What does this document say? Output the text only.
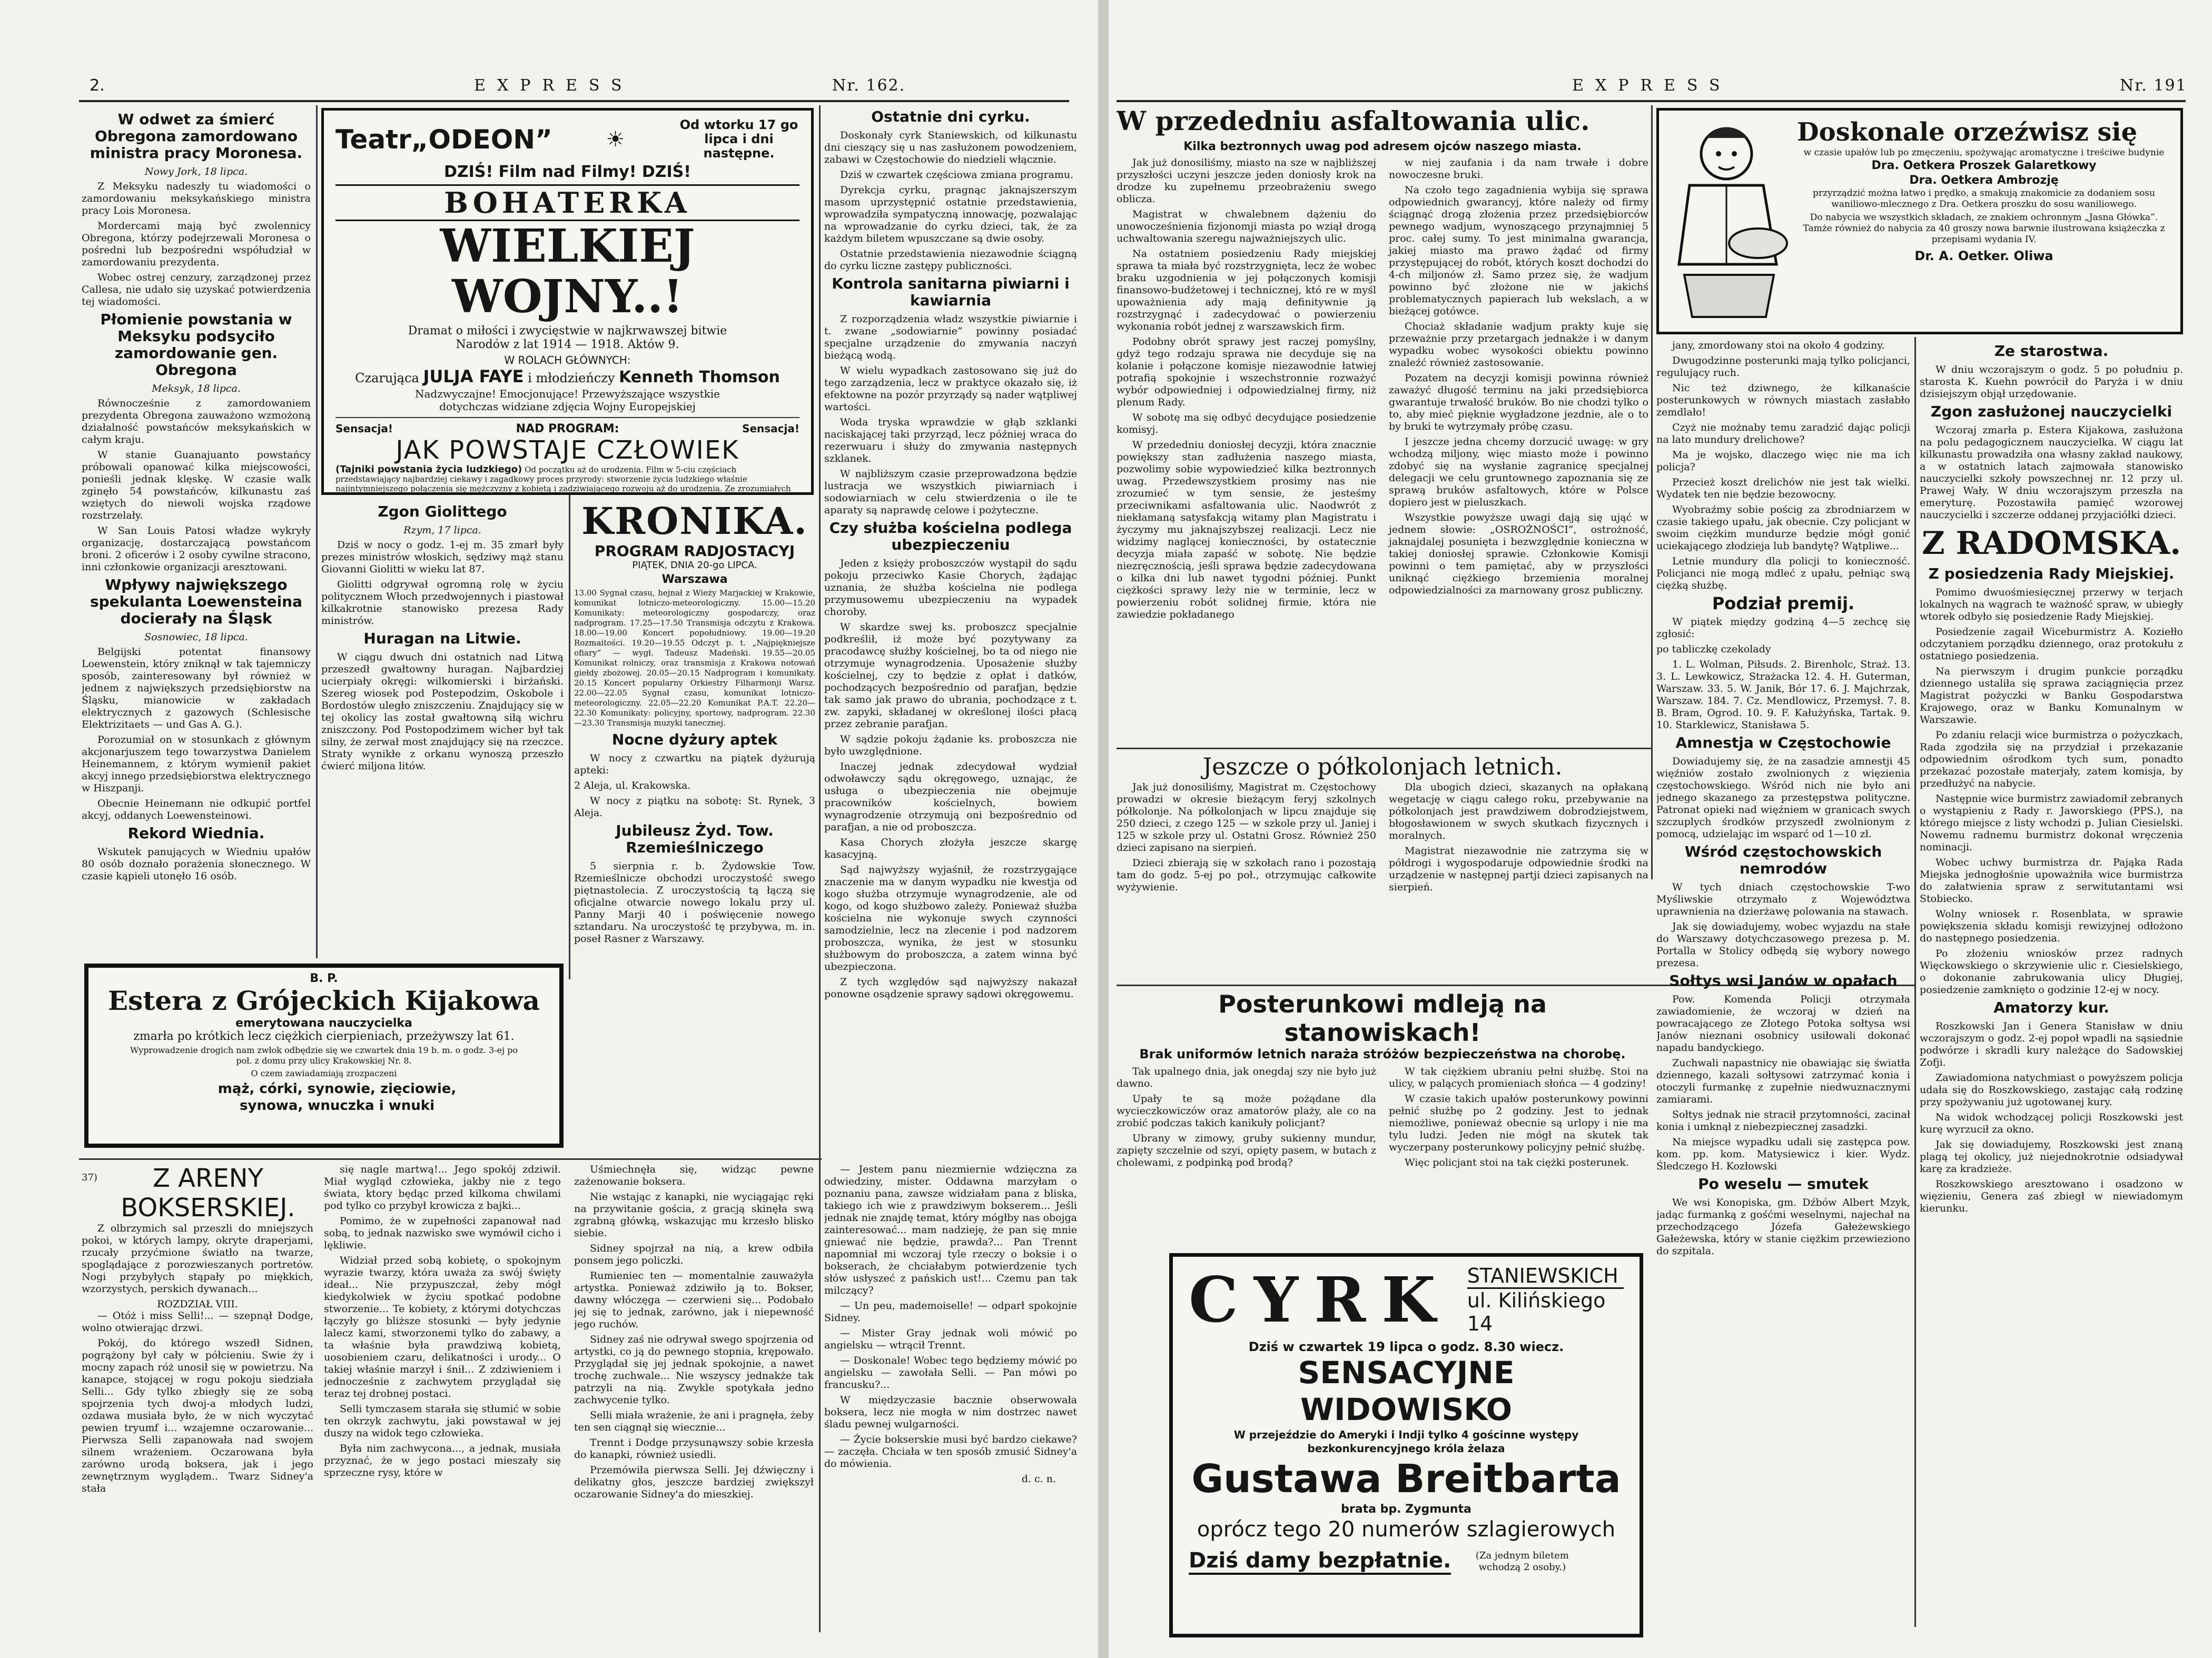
2.	EXPRESS	Nr. 162.
W odwet za śmierć Obregona zamordowano ministra pracy Moronesa.
Nowy Jork, 18 lipca.

Z Meksyku nadeszły tu wiadomości o zamordowaniu meksykańskiego ministra pracy Lois Moronesa.

Mordercami mają być zwolennicy Obregona, którzy podejrzewali Moronesa o pośredni lub bezpośredni współudział w zamordowaniu prezydenta.

Wobec ostrej cenzury, zarządzonej przez Callesa, nie udało się uzyskać potwierdzenia tej wiadomości.

Płomienie powstania w Meksyku podsyciło zamordowanie gen. Obregona
Meksyk, 18 lipca.

Równocześnie z zamordowaniem prezydenta Obregona zauważono wzmożoną działalność powstańców meksykańskich w całym kraju.

W stanie Guanajuanto powstańcy próbowali opanować kilka miejscowości, ponieśli jednak klęskę. W czasie walk zginęło 54 powstańców, kilkunastu zaś wziętych do niewoli wojska rządowe rozstrzelały.

W San Louis Patosi władze wykryły organizację, dostarczającą powstańcom broni. 2 oficerów i 2 osoby cywilne stracono, inni członkowie organizacji aresztowani.

Wpływy największego spekulanta Loewensteina docierały na Śląsk
Sosnowiec, 18 lipca.

Belgijski potentat finansowy Loewenstein, który zniknął w tak tajemniczy sposób, zainteresowany był również w jednem z największych przedsiębiorstw na Śląsku, mianowicie w zakładach elektrycznych z gazowych (Schlesische Elektrizitaets — und Gas A. G.).

Porozumiał on w stosunkach z głównym akcjonarjuszem tego towarzystwa Danielem Heinemannem, z którym wymienił pakiet akcyj innego przedsiębiorstwa elektrycznego w Hiszpanji.

Obecnie Heinemann nie odkupić portfel akcyj, oddanych Loewensteinowi.

Rekord Wiednia.

Wskutek panujących w Wiedniu upałów 80 osób doznało porażenia słonecznego. W czasie kąpieli utonęło 16 osób.

Teatr„ODEON”	☀
Od wtorku 17 go lipca i dni następne.
DZIŚ! Film nad Filmy! DZIŚ!
BOHATERKA
WIELKIEJ WOJNY..!
Dramat o miłości i zwycięstwie w najkrwawszej bitwie Narodów z lat 1914 — 1918. Aktów 9.
W ROLACH GŁÓWNYCH:
Czarująca JULJA FAYE i młodzieńczy Kenneth Thomson
Nadzwyczajne! Emocjonujące! Przewyższające wszystkie dotychczas widziane zdjęcia Wojny Europejskiej
Sensacja!	NAD PROGRAM:	Sensacja!
JAK POWSTAJE CZŁOWIEK
(Tajniki powstania życia ludzkiego) Od początku aż do urodzenia. Film w 5-ciu częściach przedstawiający najbardziej ciekawy i zagadkowy proces przyrody: stworzenie życia ludzkiego właśnie najintymniejszego połączenia się mężczyzny z kobietą i zadziwiającego rozwoju aż do urodzenia. Ze zrozumiałych
Ostatnie dni cyrku.

Doskonały cyrk Staniewskich, od kilkunastu dni cieszący się u nas zasłużonem powodzeniem, zabawi w Częstochowie do niedzieli włącznie.

Dziś w czwartek częściowa zmiana programu.

Dyrekcja cyrku, pragnąc jaknajszerszym masom uprzystępnić ostatnie przedstawienia, wprowadziła sympatyczną innowację, pozwalając na wprowadzanie do cyrku dzieci, tak, że za każdym biletem wpuszczane są dwie osoby.

Ostatnie przedstawienia niezawodnie ściągną do cyrku liczne zastępy publiczności.

Kontrola sanitarna piwiarni i kawiarnia

Z rozporządzenia władz wszystkie piwiarnie i t. zwane „sodowiarnie” powinny posiadać specjalne urządzenie do zmywania naczyń bieżącą wodą.

W wielu wypadkach zastosowano się już do tego zarządzenia, lecz w praktyce okazało się, iż efektowne na pozór przyrządy są nader wątpliwej wartości.

Woda tryska wprawdzie w głąb szklanki naciskającej taki przyrząd, lecz później wraca do rezerwuaru i służy do zmywania następnych szklanek.

W najbliższym czasie przeprowadzona będzie lustracja we wszystkich piwiarniach i sodowiarniach w celu stwierdzenia o ile te aparaty są naprawdę celowe i pożyteczne.

Czy służba kościelna podlega ubezpieczeniu

Jeden z księży proboszczów wystąpił do sądu pokoju przeciwko Kasie Chorych, żądając uznania, że służba kościelna nie podlega przymusowemu ubezpieczeniu na wypadek choroby.

W skardze swej ks. proboszcz specjalnie podkreślił, iż może być pozytywany za pracodawcę służby kościelnej, bo ta od niego nie otrzymuje wynagrodzenia. Uposażenie służby kościelnej, czy to będzie z opłat i datków, pochodzących bezpośrednio od parafjan, będzie tak samo jak prawo do ubrania, pochodzące z t. zw. zapyki, składanej w określonej ilości płacą przez zebranie parafjan.

W sądzie pokoju żądanie ks. proboszcza nie było uwzględnione.

Inaczej jednak zdecydował wydział odwoławczy sądu okręgowego, uznając, że usługa o ubezpieczenia nie obejmuje pracowników kościelnych, bowiem wynagrodzenie otrzymują oni bezpośrednio od parafjan, a nie od proboszcza.

Kasa Chorych złożyła jeszcze skargę kasacyjną.

Sąd najwyższy wyjaśnił, że rozstrzygające znaczenie ma w danym wypadku nie kwestja od kogo służba otrzymuje wynagrodzenie, ale od kogo, od kogo służbowo zależy. Ponieważ służba kościelna nie wykonuje swych czynności samodzielnie, lecz na zlecenie i pod nadzorem proboszcza, wynika, że jest w stosunku służbowym do proboszcza, a zatem winna być ubezpieczona.

Z tych względów sąd najwyższy nakazał ponowne osądzenie sprawy sądowi okręgowemu.

Zgon Giolittego
Rzym, 17 lipca.

Dziś w nocy o godz. 1-ej m. 35 zmarł były prezes ministrów włoskich, sędziwy mąż stanu Giovanni Giolitti w wieku lat 87.

Giolitti odgrywał ogromną rolę w życiu politycznem Włoch przedwojennych i piastował kilkakrotnie stanowisko prezesa Rady ministrów.

Huragan na Litwie.

W ciągu dwuch dni ostatnich nad Litwą przeszedł gwałtowny huragan. Najbardziej ucierpiały okręgi: wilkomierski i birżański. Szereg wiosek pod Postepodzim, Oskobole i Bordostów uległo zniszczeniu. Znajdujący się w tej okolicy las został gwałtowną siłą wichru zniszczony. Pod Postopodzimem wicher był tak silny, że zerwał most znajdujący się na rzeczce. Straty wynikłe z orkanu wynoszą przeszło ćwierć miljona litów.

KRONIKA.
PROGRAM RADJOSTACYJ
PIĄTEK, DNIA 20-go LIPCA.
Warszawa

13.00 Sygnał czasu, hejnał z Wieży Marjackiej w Krakowie, komunikat lotniczo-meteorologiczny. 15.00—15.20 Komunikaty: meteorologiczny gospodarczy, oraz nadprogram. 17.25—17.50 Transmisja odczytu z Krakowa. 18.00—19.00 Koncert popołudniowy. 19.00—19.20 Rozmaitości. 19.20—19.55 Odczyt p. t. „Najpiękniejsze ofiary” — wygł. Tadeusz Madeński. 19.55—20.05 Komunikat rolniczy, oraz transmisja z Krakowa notowań giełdy zbożowej. 20.05—20.15 Nadprogram i komunikaty. 20.15 Koncert popularny Orkiestry Filharmonji Warsz. 22.00—22.05 Sygnał czasu, komunikat lotniczo-meteorologiczny. 22.05—22.20 Komunikat P.A.T. 22.20—22.30 Komunikaty: policyjny, sportowy, nadprogram. 22.30—23.30 Transmisja muzyki tanecznej.

Nocne dyżury aptek

W nocy z czwartku na piątek dyżurują apteki:

2 Aleja, ul. Krakowska.

W nocy z piątku na sobotę: St. Rynek, 3 Aleja.

Jubileusz Żyd. Tow. Rzemieślniczego

5 sierpnia r. b. Żydowskie Tow. Rzemieślnicze obchodzi uroczystość swego piętnastolecia. Z uroczystością tą łączą się oficjalne otwarcie nowego lokalu przy ul. Panny Marji 40 i poświęcenie nowego sztandaru. Na uroczystość tę przybywa, m. in. poseł Rasner z Warszawy.

B. P.
Estera z Grójeckich Kijakowa
emerytowana nauczycielka
zmarła po krótkich lecz ciężkich cierpieniach, przeżywszy lat 61.
Wyprowadzenie drogich nam zwłok odbędzie się we czwartek dnia 19 b. m. o godz. 3-ej po poł. z domu przy ulicy Krakowskiej Nr. 8.
O czem zawiadamiają zrozpaczeni
mąż, córki, synowie, zięciowie, synowa, wnuczka i wnuki
37)	Z ARENY
BOKSERSKIEJ.

Z olbrzymich sal przeszli do mniejszych pokoi, w których lampy, okryte draperjami, rzucały przyćmione światło na twarze, spoglądające z porozwieszanych portretów. Nogi przybyłych stąpały po miękkich, wzorzystych, perskich dywanach...

ROZDZIAŁ VIII.

— Otóż i miss Selli!... — szepnął Dodge, wolno otwierając drzwi.

Pokój, do którego wszedł Sidnen, pogrążony był cały w półcieniu. Swie ży i mocny zapach róż unosił się w powietrzu. Na kanapce, stojącej w rogu pokoju siedziała Selli... Gdy tylko zbiegły się ze sobą spojrzenia tych dwoj-a młodych ludzi, ozdawa musiała było, że w nich wyczytać pewien tryumf i... wzajemne oczarowanie... Pierwsza Selli zapanowała nad swojem silnem wrażeniem. Oczarowana była zarówno urodą boksera, jak i jego zewnętrznym wyglądem.. Twarz Sidney'a stała

się nagle martwą!... Jego spokój zdziwił. Miał wygląd człowieka, jakby nie z tego świata, ktory będąc przed kilkoma chwilami pod tylko co przybył krowicza z bajki...

Pomimo, że w zupełności zapanował nad sobą, to jednak nazwisko swe wymówił cicho i lękliwie.

Widział przed sobą kobietę, o spokojnym wyrazie twarzy, która uważa za swój święty ideał... Nie przypuszczał, żeby mógł kiedykolwiek w życiu spotkać podobne stworzenie... Te kobiety, z którymi dotychczas łączyły go bliższe stosunki — były jedynie lalecz kami, stworzonemi tylko do zabawy, a ta właśnie była prawdziwą kobietą, uosobieniem czaru, delikatności i urody... O takiej właśnie marzył i śnił... Z zdziwieniem i jednocześnie z zachwytem przyglądał się teraz tej drobnej postaci.

Selli tymczasem starała się stłumić w sobie ten okrzyk zachwytu, jaki powstawał w jej duszy na widok tego człowieka.

Była nim zachwycona..., a jednak, musiała przyznać, że w jego postaci mieszały się sprzeczne rysy, które w

Uśmiechnęła się, widząc pewne zażenowanie boksera.

Nie wstając z kanapki, nie wyciągając ręki na przywitanie gościa, z gracją skinęła swą zgrabną główką, wskazując mu krzesło blisko siebie.

Sidney spojrzał na nią, a krew odbiła ponsem jego policzki.

Rumieniec ten — momentalnie zauważyła artystka. Ponieważ zdziwiło ją to. Bokser, dawny włóczęga — czerwieni się... Podobało jej się to jednak, zarówno, jak i niepewność jego ruchów.

Sidney zaś nie odrywał swego spojrzenia od artystki, co ją do pewnego stopnia, krępowało. Przyglądał się jej jednak spokojnie, a nawet trochę zuchwale... Nie wszyscy jednakże tak patrzyli na nią. Zwykle spotykała jedno zachwycenie tylko.

Selli miała wrażenie, że ani i pragnęła, żeby ten sen ciągnął się wiecznie...

Trennt i Dodge przysunąwszy sobie krzesła do kanapki, również usiedli.

Przemówiła pierwsza Selli. Jej dźwięczny i delikatny głos, jeszcze bardziej zwiększył oczarowanie Sidney'a do mieszkiej.

— Jestem panu niezmiernie wdzięczna za odwiedziny, mister. Oddawna marzyłam o poznaniu pana, zawsze widziałam pana z bliska, takiego ich wie z prawdziwym bokserem... Jeśli jednak nie znajdę temat, który mógłby nas obojga zainteresować... mam nadzieję, że pan się mnie gniewać nie będzie, prawda?... Pan Trennt napomniał mi wczoraj tyle rzeczy o boksie i o bokserach, że chciałabym potwierdzenie tych słów usłyszeć z pańskich ust!... Czemu pan tak milczący?

— Un peu, mademoiselle! — odparł spokojnie Sidney.

— Mister Gray jednak woli mówić po angielsku — wtrącił Trennt.

— Doskonale! Wobec tego będziemy mówić po angielsku — zawołała Selli. — Pan mówi po francusku?...

W międzyczasie bacznie obserwowała boksera, lecz nie mogła w nim dostrzec nawet śladu pewnej wulgarności.

— Życie bokserskie musi być bardzo ciekawe? — zaczęła. Chciała w ten sposób zmusić Sidney'a do mówienia.

d. c. n.
EXPRESS	Nr. 191
W przededniu asfaltowania ulic.
Kilka beztronnych uwag pod adresem ojców naszego miasta.

Jak już donosiliśmy, miasto na sze w najbliższej przyszłości uczyni jeszcze jeden doniosły krok na drodze ku zupełnemu przeobrażeniu swego oblicza.

Magistrat w chwalebnem dążeniu do unowocześnienia fizjonomji miasta po wziął drogą uchwaltowania szeregu najważniejszych ulic.

Na ostatniem posiedzeniu Rady miejskiej sprawa ta miała być rozstrzygnięta, lecz że wobec braku uzgodnienia w jej połączonych komisji finansowo-budżetowej i technicznej, któ re w myśl upoważnienia ady mają definitywnie ją rozstrzygnąć i zadecydować o powierzeniu wykonania robót jednej z warszawskich firm.

Podobny obrót sprawy jest raczej pomyślny, gdyż tego rodzaju sprawa nie decyduje się na kolanie i połączone komisje niezawodnie łatwiej potrafią spokojnie i wszechstronnie rozważyć wybór odpowiedniej i odpowiedzialnej firmy, niż plenum Rady.

W sobotę ma się odbyć decydujące posiedzenie komisyj.

W przededniu doniosłej decyzji, która znacznie powiększy stan zadłużenia naszego miasta, pozwolimy sobie wypowiedzieć kilka beztronnych uwag. Przedewszystkiem prosimy nas nie zrozumieć w tym sensie, że jesteśmy przeciwnikami asfaltowania ulic. Naodwrót z niekłamaną satysfakcją witamy plan Magistratu i życzymy mu jaknajszybszej realizacji. Lecz nie widzimy naglącej konieczności, by ostatecznie decyzja miała zapaść w sobotę. Nie będzie niezręcznością, jeśli sprawa będzie zadecydowana o kilka dni lub nawet tygodni później. Punkt ciężkości sprawy leży nie w terminie, lecz w powierzeniu robót solidnej firmie, która nie zawiedzie pokładanego

w niej zaufania i da nam trwałe i dobre nowoczesne bruki.

Na czoło tego zagadnienia wybija się sprawa odpowiednich gwarancyj, które należy od firmy ściągnąć drogą złożenia przez przedsiębiorców pewnego wadjum, wynoszącego przynajmniej 5 proc. całej sumy. To jest minimalna gwarancja, jakiej miasto ma prawo żądać od firmy przystępującej do robót, których koszt dochodzi do 4-ch miljonów zł. Samo przez się, że wadjum powinno być złożone nie w jakichś problematycznych papierach lub wekslach, a w bieżącej gotówce.

Chociaż składanie wadjum prakty kuje się przeważnie przy przetargach jednakże i w danym wypadku wobec wysokości obiektu powinno znaleźć również zastosowanie.

Pozatem na decyzji komisji powinna również zaważyć długość terminu na jaki przedsiębiorca gwarantuje trwałość bruków. Bo nie chodzi tylko o to, aby mieć pięknie wygładzone jezdnie, ale o to by bruki te wytrzymały próbę czasu.

I jeszcze jedna chcemy dorzucić uwagę: w gry wchodzą miljony, więc miasto może i powinno zdobyć się na wysłanie zagranicę specjalnej delegacji we celu gruntownego zapoznania się ze sprawą bruków asfaltowych, które w Polsce dopiero jest w pieluszkach.

Wszystkie powyższe uwagi dają się ująć w jednem słowie: „OSROŻNOŚCI”, ostrożność, jaknajdalej posunięta i bezwzględnie konieczna w takiej doniosłej sprawie. Członkowie Komisji powinni o tem pamiętać, aby w przyszłości uniknąć ciężkiego brzemienia moralnej odpowiedzialności za marnowany grosz publiczny.

Doskonale orzeźwisz się
w czasie upałów lub po zmęczeniu, spożywając aromatyczne i treściwe budynie
Dra. Oetkera Proszek Galaretkowy
Dra. Oetkera Ambrozję
przyrządzić można łatwo i prędko, a smakują znakomicie za dodaniem sosu waniliowo-mlecznego z Dra. Oetkera proszku do sosu waniliowego.
Do nabycia we wszystkich składach, ze znakiem ochronnym „Jasna Główka”. Tamże również do nabycia za 40 groszy nowa barwnie ilustrowana książeczka z przepisami wydania IV.
Dr. A. Oetker. Oliwa

jany, zmordowany stoi na około 4 godziny.

Dwugodzinne posterunki mają tylko policjanci, regulujący ruch.

Nic też dziwnego, że kilkanaście posterunkowych w równych miastach zasłabło zemdlało!

Czyż nie możnaby temu zaradzić dając policji na lato mundury drelichowe?

Ma je wojsko, dlaczego więc nie ma ich policja?

Przecież koszt drelichów nie jest tak wielki. Wydatek ten nie będzie bezowocny.

Wyobraźmy sobie pościg za zbrodniarzem w czasie takiego upału, jak obecnie. Czy policjant w swoim ciężkim mundurze będzie mógł gonić uciekającego złodzieja lub bandytę? Wątpliwe...

Letnie mundury dla policji to konieczność. Policjanci nie mogą mdleć z upału, pełniąc swą ciężką służbę.

Podział premij.

W piątek między godziną 4—5 zechcę się zgłosić:

po tabliczkę czekolady

1. L. Wolman, Piłsuds. 2. Birenholc, Straż. 13. 3. L. Lewkowicz, Strażacka 12. 4. H. Guterman, Warszaw. 33. 5. W. Janik, Bór 17. 6. J. Majchrzak, Warszaw. 184. 7. Cz. Mendlowicz, Przemysł. 7. 8. B. Bram, Ogrod. 10. 9. F. Kałużyńska, Tartak. 9. 10. Starklewicz, Stanisława 5.

Amnestja w Częstochowie

Dowiadujemy się, że na zasadzie amnestji 45 więźniów zostało zwolnionych z więzienia częstochowskiego. Wśród nich nie było ani jednego skazanego za przestępstwa polityczne. Patronat opieki nad więźniem w granicach swych szczuplych środków przyszedł zwolnionym z pomocą, udzielając im wsparć od 1—10 zł.

Wśród częstochowskich nemrodów

W tych dniach częstochowskie T-wo Myśliwskie otrzymało z Województwa uprawnienia na dzierżawę polowania na stawach.

Jak się dowiadujemy, wobec wyjazdu na stałe do Warszawy dotychczasowego prezesa p. M. Portalla w Stolicy odbędą się wybory nowego prezesa.

Sołtys wsi Janów w opałach

Pow. Komenda Policji otrzymała zawiadomienie, że wczoraj w dzień na powracającego ze Złotego Potoka sołtysa wsi Janów nieznani osobnicy usiłowali dokonać napadu bandyckiego.

Zuchwali napastnicy nie obawiając się światła dziennego, kazali sołtysowi zatrzymać konia i otoczyli furmankę z zupełnie niedwuznacznymi zamiarami.

Sołtys jednak nie stracił przytomności, zacinał konia i umknął z niebezpiecznej zasadzki.

Na miejsce wypadku udali się zastępca pow. kom. pp. kom. Matysiewicz i kier. Wydz. Śledczego H. Kozłowski

Po weselu — smutek

We wsi Konopiska, gm. Dźbów Albert Mzyk, jadąc furmanką z gośćmi weselnymi, najechał na przechodzącego Józefa Gałeżewskiego Gałeżewska, który w stanie ciężkim przewieziono do szpitala.

Ze starostwa.

W dniu wczorajszym o godz. 5 po południu p. starosta K. Kuehn powrócił do Paryża i w dniu dzisiejszym objął urzędowanie.

Zgon zasłużonej nauczycielki

Wczoraj zmarła p. Estera Kijakowa, zasłużona na polu pedagogicznem nauczycielka. W ciągu lat kilkunastu prowadziła ona własny zakład naukowy, a w ostatnich latach zajmowała stanowisko nauczycielki szkoły powszechnej nr. 12 przy ul. Prawej Wały. W dniu wczorajszym przeszła na emeryturę. Pozostawiła pamięć wzorowej nauczycielki i szczerze oddanej przyjaciółki dzieci.

Z RADOMSKA.
Z posiedzenia Rady Miejskiej.

Pomimo dwuośmiesięcznej przerwy w terjach lokalnych na wągrach te ważność spraw, w ubiegły wtorek odbyło się posiedzenie Rady Miejskiej.

Posiedzenie zagaił Wiceburmistrz A. Koziełło odczytaniem porządku dziennego, oraz protokułu z ostatniego posiedzenia.

Na pierwszym i drugim punkcie porządku dziennego ustaliła się sprawa zaciągnięcia przez Magistrat pożyczki w Banku Gospodarstwa Krajowego, oraz w Banku Komunalnym w Warszawie.

Po zdaniu relacji wice burmistrza o pożyczkach, Rada zgodziła się na przydział i przekazanie odpowiednim ośrodkom tych sum, ponadto przekazać pozostałe materjały, zatem komisja, by przedłużyć na nabycie.

Następnie wice burmistrz zawiadomił zebranych o wystąpieniu z Rady r. Jaworskiego (PPS.), na którego miejsce z listy wchodzi p. Julian Ciesielski. Nowemu radnemu burmistrz dokonał wręczenia nominacji.

Wobec uchwy burmistrza dr. Pająka Rada Miejska jednogłośnie upoważniła wice burmistrza do załatwienia spraw z serwitutantami wsi Stobiecko.

Wolny wniosek r. Rosenblata, w sprawie powiększenia składu komisji rewizyjnej odłożono do następnego posiedzenia.

Po złożeniu wniosków przez radnych Więckowskiego o skrzywienie ulic r. Ciesielskiego, o dokonanie zabrukowania ulicy Długiej, posiedzenie zamknięto o godzinie 12-ej w nocy.

Amatorzy kur.

Roszkowski Jan i Genera Stanisław w dniu wczorajszym o godz. 2-ej popoł wpadli na sąsiednie podwórze i skradli kury należące do Sadowskiej Zofji.

Zawiadomiona natychmiast o powyższem policja udała się do Roszkowskiego, zastając całą rodzinę przy spożywaniu już ugotowanej kury.

Na widok wchodzącej policji Roszkowski jest kurę wyrzucił za okno.

Jak się dowiadujemy, Roszkowski jest znaną plagą tej okolicy, już niejednokrotnie odsiadywał karę za kradzieże.

Roszkowskiego aresztowano i osadzono w więzieniu, Genera zaś zbiegł w niewiadomym kierunku.

Jeszcze o półkolonjach letnich.

Jak już donosiliśmy, Magistrat m. Częstochowy prowadzi w okresie bieżącym feryj szkolnych półkolonje. Na półkolonjach w lipcu znajduje się 250 dzieci, z czego 125 — w szkole przy ul. Janiej i 125 w szkole przy ul. Ostatni Grosz. Również 250 dzieci zapisano na sierpień.

Dzieci zbierają się w szkołach rano i pozostają tam do godz. 5-ej po poł., otrzymując całkowite wyżywienie.

Dla ubogich dzieci, skazanych na opłakaną wegetację w ciągu całego roku, przebywanie na półkolonjach jest prawdziwem dobrodziejstwem, błogosławionem w swych skutkach fizycznych i moralnych.

Magistrat niezawodnie nie zatrzyma się w półdrogi i wygospodaruje odpowiednie środki na urządzenie w następnej partji dzieci zapisanych na sierpień.

Posterunkowi mdleją na stanowiskach!
Brak uniformów letnich naraża stróżów bezpieczeństwa na chorobę.

Tak upalnego dnia, jak onegdaj szy nie było już dawno.

Upały te są może pożądane dla wycieczkowiczów oraz amatorów plaży, ale co na zrobić podczas takich kanikuły policjant?

Ubrany w zimowy, gruby sukienny mundur, zapięty szczelnie od szyi, opięty pasem, w butach z cholewami, z podpinką pod brodą?

W tak ciężkiem ubraniu pełni służbę. Stoi na ulicy, w palących promieniach słońca — 4 godziny!

W czasie takich upałów posterunkowy powinni pełnić służbę po 2 godziny. Jest to jednak niemożliwe, ponieważ obecnie są urlopy i nie ma tylu ludzi. Jeden nie mógł na skutek tak wyczerpany posterunkowy policyjny pełnić służbę.

Więc policjant stoi na tak ciężki posterunek.

CYRK STANIEWSKICH
ul. Kilińskiego 14
Dziś w czwartek 19 lipca o godz. 8.30 wiecz.
SENSACYJNE WIDOWISKO
W przejeździe do Ameryki i Indji tylko 4 gościnne występy bezkonkurencyjnego króla żelaza
Gustawa Breitbarta
brata bp. Zygmunta
oprócz tego 20 numerów szlagierowych
Dziś damy bezpłatnie.	(Za jednym biletem wchodzą 2 osoby.)
